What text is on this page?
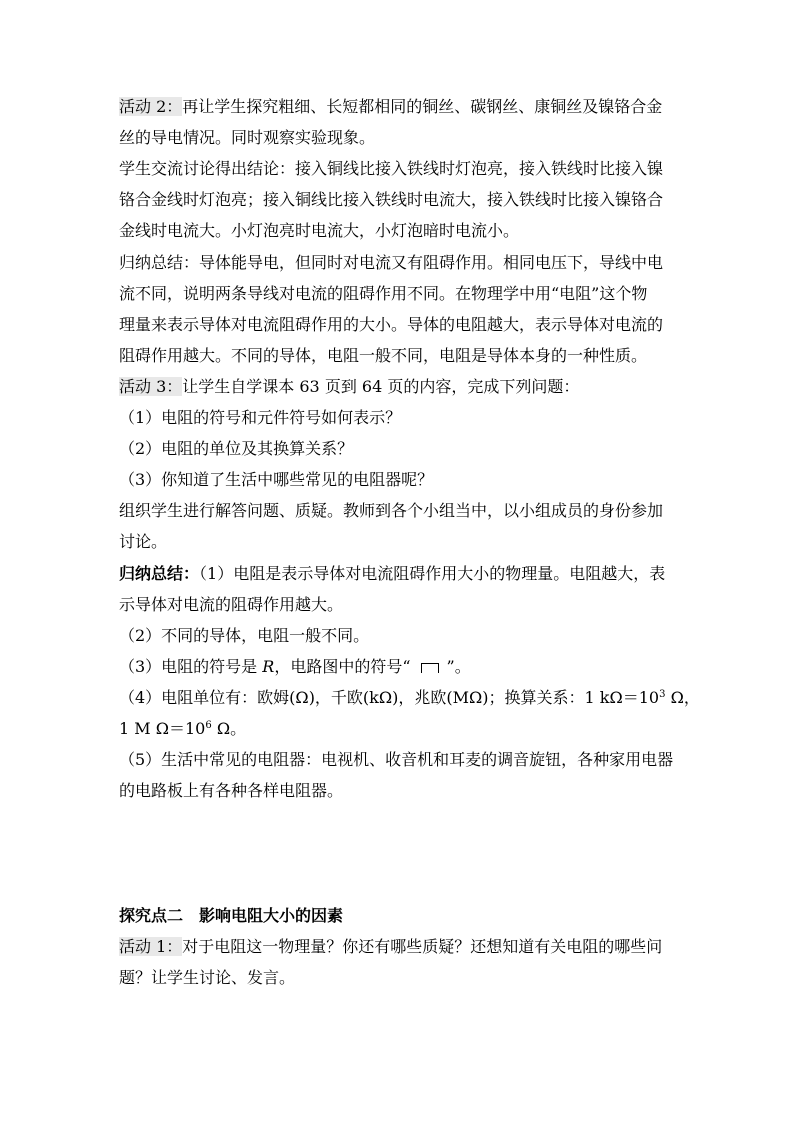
活动 2：再让学生探究粗细、长短都相同的铜丝、碳钢丝、康铜丝及镍铬合金
丝的导电情况。同时观察实验现象。
学生交流讨论得出结论：接入铜线比接入铁线时灯泡亮，接入铁线时比接入镍
铬合金线时灯泡亮；接入铜线比接入铁线时电流大，接入铁线时比接入镍铬合
金线时电流大。小灯泡亮时电流大，小灯泡暗时电流小。
归纳总结：导体能导电，但同时对电流又有阻碍作用。相同电压下，导线中电
流不同，说明两条导线对电流的阻碍作用不同。在物理学中用“电阻”这个物
理量来表示导体对电流阻碍作用的大小。导体的电阻越大，表示导体对电流的
阻碍作用越大。不同的导体，电阻一般不同，电阻是导体本身的一种性质。
活动 3：让学生自学课本 63 页到 64 页的内容，完成下列问题：
（1）电阻的符号和元件符号如何表示？
（2）电阻的单位及其换算关系？
（3）你知道了生活中哪些常见的电阻器呢？
组织学生进行解答问题、质疑。教师到各个小组当中，以小组成员的身份参加
讨论。
归纳总结：（1）电阻是表示导体对电流阻碍作用大小的物理量。电阻越大，表
示导体对电流的阻碍作用越大。
（2）不同的导体，电阻一般不同。
（3）电阻的符号是 R，电路图中的符号“ ”。
（4）电阻单位有：欧姆(Ω)，千欧(kΩ)，兆欧(MΩ)；换算关系：1 $k\Omega=10^3$ Ω，
1 M $\Omega=10^6$ Ω。
（5）生活中常见的电阻器：电视机、收音机和耳麦的调音旋钮，各种家用电器
的电路板上有各种各样电阻器。
探究点二　影响电阻大小的因素
活动 1：对于电阻这一物理量？你还有哪些质疑？还想知道有关电阻的哪些问
题？让学生讨论、发言。
